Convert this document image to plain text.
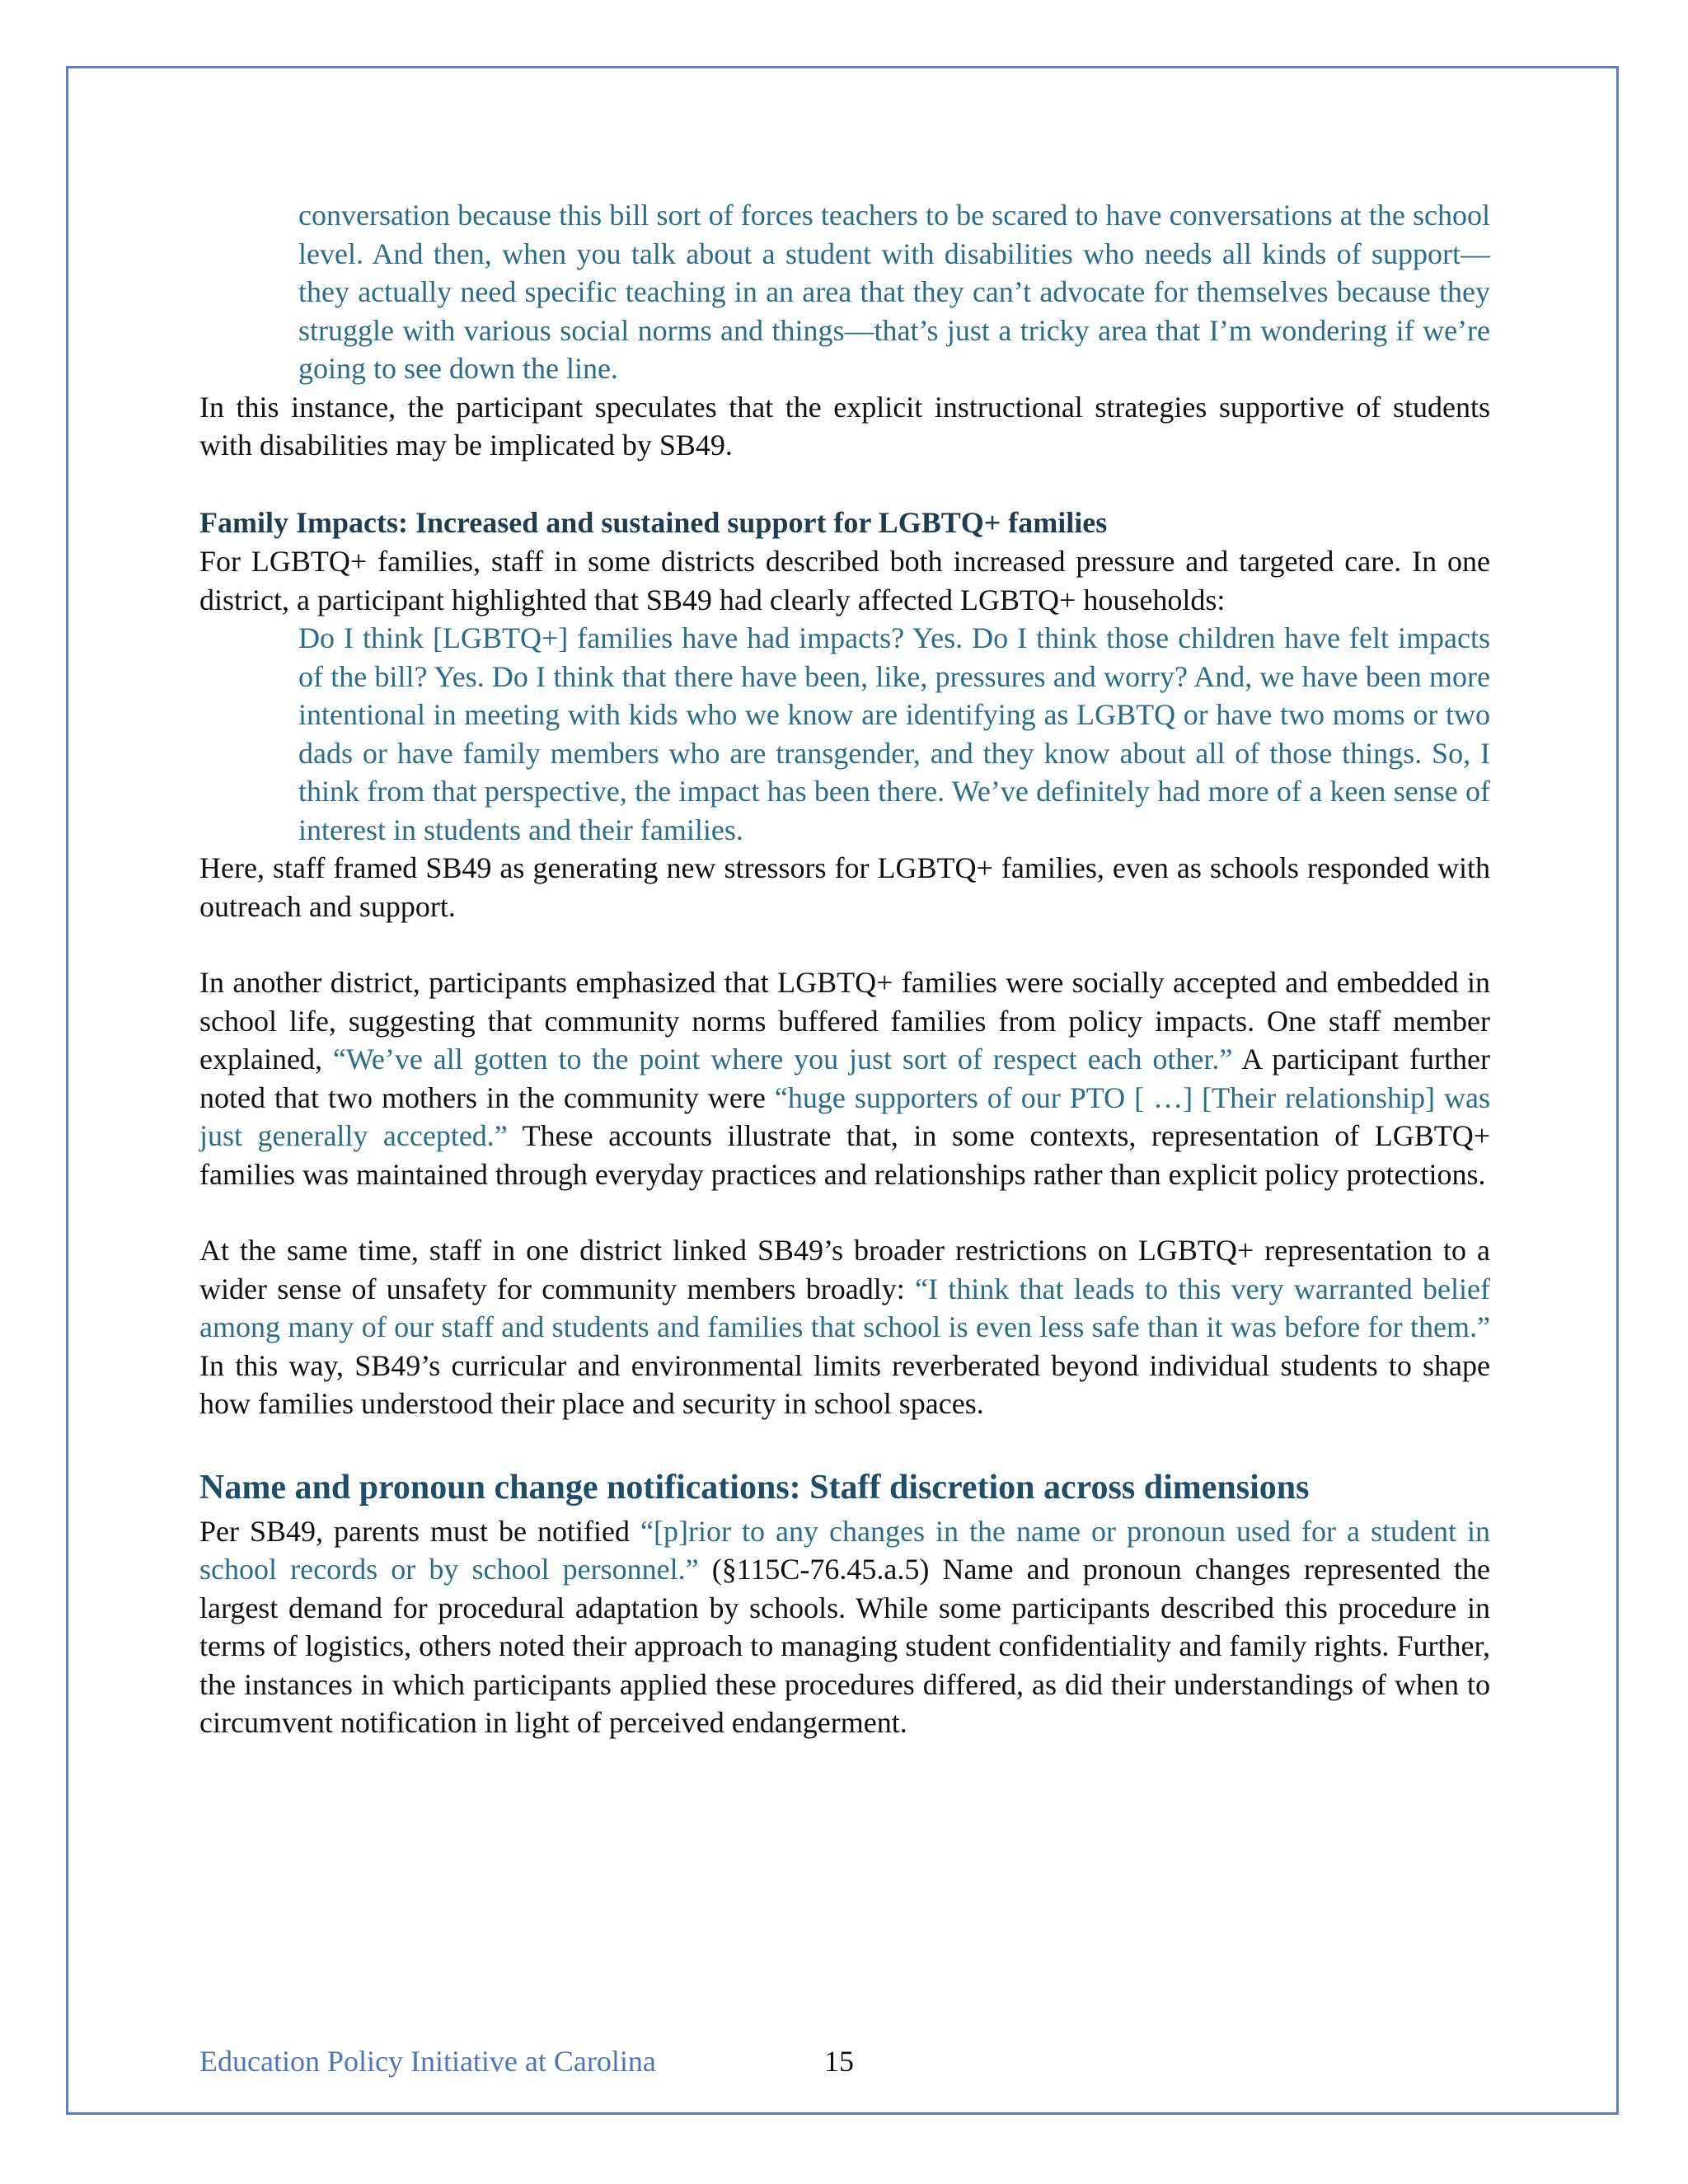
conversation because this bill sort of forces teachers to be scared to have conversations at the school level. And then, when you talk about a student with disabilities who needs all kinds of support—they actually need specific teaching in an area that they can’t advocate for themselves because they struggle with various social norms and things—that’s just a tricky area that I’m wondering if we’re going to see down the line.

In this instance, the participant speculates that the explicit instructional strategies supportive of students with disabilities may be implicated by SB49.

Family Impacts: Increased and sustained support for LGBTQ+ families

For LGBTQ+ families, staff in some districts described both increased pressure and targeted care. In one district, a participant highlighted that SB49 had clearly affected LGBTQ+ households:

Do I think [LGBTQ+] families have had impacts? Yes. Do I think those children have felt impacts of the bill? Yes. Do I think that there have been, like, pressures and worry? And, we have been more intentional in meeting with kids who we know are identifying as LGBTQ or have two moms or two dads or have family members who are transgender, and they know about all of those things. So, I think from that perspective, the impact has been there. We’ve definitely had more of a keen sense of interest in students and their families.

Here, staff framed SB49 as generating new stressors for LGBTQ+ families, even as schools responded with outreach and support.

In another district, participants emphasized that LGBTQ+ families were socially accepted and embedded in school life, suggesting that community norms buffered families from policy impacts. One staff member explained, “We’ve all gotten to the point where you just sort of respect each other.” A participant further noted that two mothers in the community were “huge supporters of our PTO [ …] [Their relationship] was just generally accepted.” These accounts illustrate that, in some contexts, representation of LGBTQ+ families was maintained through everyday practices and relationships rather than explicit policy protections.

At the same time, staff in one district linked SB49’s broader restrictions on LGBTQ+ representation to a wider sense of unsafety for community members broadly: “I think that leads to this very warranted belief among many of our staff and students and families that school is even less safe than it was before for them.” In this way, SB49’s curricular and environmental limits reverberated beyond individual students to shape how families understood their place and security in school spaces.

Name and pronoun change notifications: Staff discretion across dimensions

Per SB49, parents must be notified “[p]rior to any changes in the name or pronoun used for a student in school records or by school personnel.” (§115C-76.45.a.5) Name and pronoun changes represented the largest demand for procedural adaptation by schools. While some participants described this procedure in terms of logistics, others noted their approach to managing student confidentiality and family rights. Further, the instances in which participants applied these procedures differed, as did their understandings of when to circumvent notification in light of perceived endangerment.

Education Policy Initiative at Carolina	15
